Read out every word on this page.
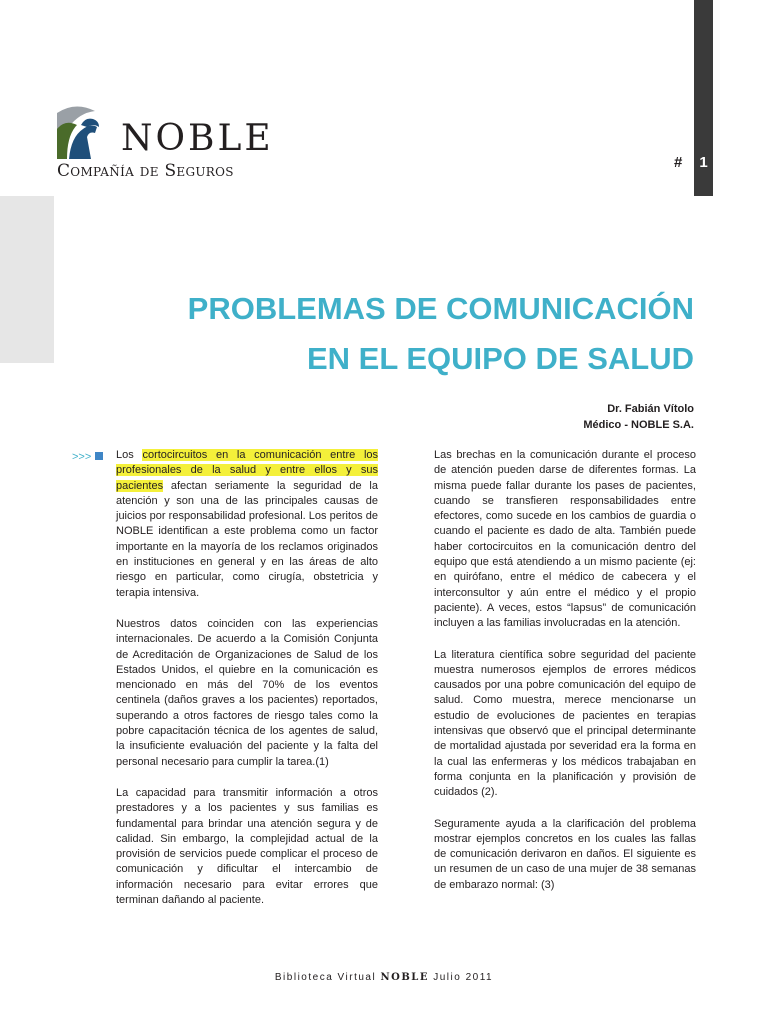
NOBLE
Compañía de Seguros	#	1
PROBLEMAS DE COMUNICACIÓN
EN EL EQUIPO DE SALUD
Dr. Fabián Vítolo
Médico - NOBLE S.A.
>>>	Los cortocircuitos en la comunicación entre los profesionales de la salud y entre ellos y sus pacientes afectan seriamente la seguridad de la atención y son una de las principales causas de juicios por responsabilidad profesional. Los peritos de NOBLE identifican a este problema como un factor importante en la mayoría de los reclamos originados en instituciones en general y en las áreas de alto riesgo en particular, como cirugía, obstetricia y terapia intensiva.

Nuestros datos coinciden con las experiencias internacionales. De acuerdo a la Comisión Conjunta de Acreditación de Organizaciones de Salud de los Estados Unidos, el quiebre en la comunicación es mencionado en más del 70% de los eventos centinela (daños graves a los pacientes) reportados, superando a otros factores de riesgo tales como la pobre capacitación técnica de los agentes de salud, la insuficiente evaluación del paciente y la falta del personal necesario para cumplir la tarea.(1)

La capacidad para transmitir información a otros prestadores y a los pacientes y sus familias es fundamental para brindar una atención segura y de calidad. Sin embargo, la complejidad actual de la provisión de servicios puede complicar el proceso de comunicación y dificultar el intercambio de información necesario para evitar errores que terminan dañando al paciente.

Las brechas en la comunicación durante el proceso de atención pueden darse de diferentes formas. La misma puede fallar durante los pases de pacientes, cuando se transfieren responsabilidades entre efectores, como sucede en los cambios de guardia o cuando el paciente es dado de alta. También puede haber cortocircuitos en la comunicación dentro del equipo que está atendiendo a un mismo paciente (ej: en quirófano, entre el médico de cabecera y el interconsultor y aún entre el médico y el propio paciente). A veces, estos “lapsus” de comunicación incluyen a las familias involucradas en la atención.

La literatura científica sobre seguridad del paciente muestra numerosos ejemplos de errores médicos causados por una pobre comunicación del equipo de salud. Como muestra, merece mencionarse un estudio de evoluciones de pacientes en terapias intensivas que observó que el principal determinante de mortalidad ajustada por severidad era la forma en la cual las enfermeras y los médicos trabajaban en forma conjunta en la planificación y provisión de cuidados (2).

Seguramente ayuda a la clarificación del problema mostrar ejemplos concretos en los cuales las fallas de comunicación derivaron en daños. El siguiente es un resumen de un caso de una mujer de 38 semanas de embarazo normal: (3)

Biblioteca Virtual NOBLE Julio 2011
